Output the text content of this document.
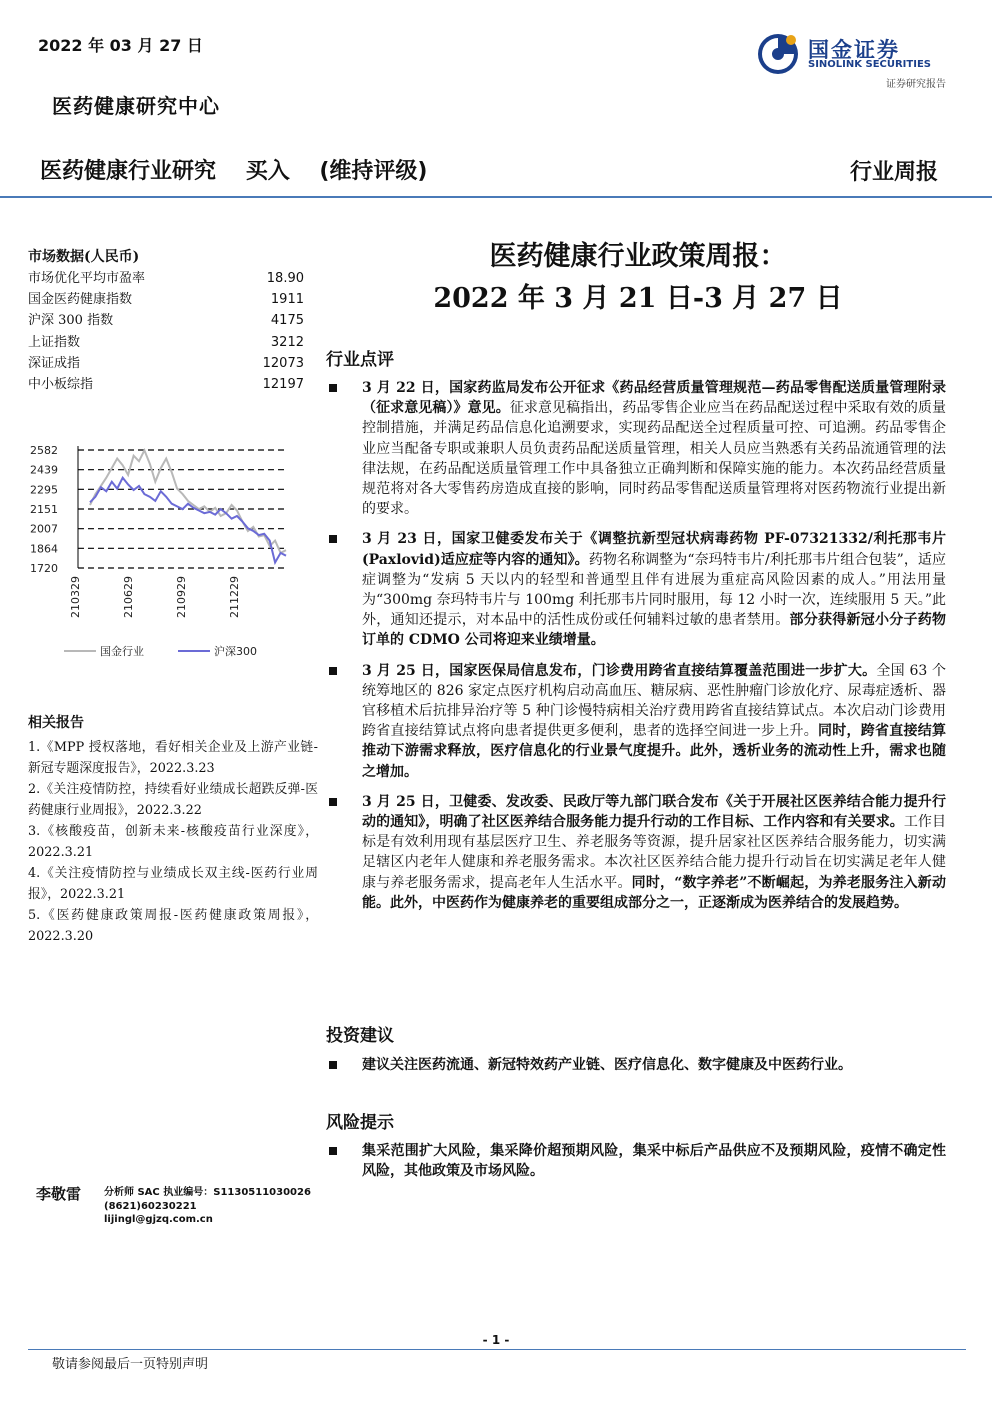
2022 年 03 月 27 日	国金证券
SINOLINK SECURITIES
证券研究报告
医药健康研究中心
医药健康行业研究 买入 (维持评级)	行业周报
市场数据(人民币)
市场优化平均市盈率	18.90
国金医药健康指数	1911
沪深 300 指数	4175
上证指数	3212
深证成指	12073
中小板综指	12197
2582
2439
2295
2151
2007
1864
1720
210329	210629	210929	211229
国金行业	沪深300
相关报告
1.《MPP 授权落地，看好相关企业及上游产业链-新冠专题深度报告》，2022.3.23
2.《关注疫情防控，持续看好业绩成长超跌反弹-医药健康行业周报》，2022.3.22
3.《核酸疫苗，创新未来-核酸疫苗行业深度》，2022.3.21
4.《关注疫情防控与业绩成长双主线-医药行业周报》，2022.3.21
5.《医药健康政策周报-医药健康政策周报》，2022.3.20
李敬雷 分析师 SAC 执业编号：S1130511030026
(8621)60230221
lijingl@gjzq.com.cn
医药健康行业政策周报：
2022 年 3 月 21 日-3 月 27 日
行业点评
3 月 22 日，国家药监局发布公开征求《药品经营质量管理规范—药品零售配送质量管理附录（征求意见稿）》意见。征求意见稿指出，药品零售企业应当在药品配送过程中采取有效的质量控制措施，并满足药品信息化追溯要求，实现药品配送全过程质量可控、可追溯。药品零售企业应当配备专职或兼职人员负责药品配送质量管理，相关人员应当熟悉有关药品流通管理的法律法规，在药品配送质量管理工作中具备独立正确判断和保障实施的能力。本次药品经营质量规范将对各大零售药房造成直接的影响，同时药品零售配送质量管理将对医药物流行业提出新的要求。
3 月 23 日，国家卫健委发布关于《调整抗新型冠状病毒药物 PF-07321332/利托那韦片(Paxlovid)适应症等内容的通知》。药物名称调整为“奈玛特韦片/利托那韦片组合包装”，适应症调整为“发病 5 天以内的轻型和普通型且伴有进展为重症高风险因素的成人。”用法用量为“300mg 奈玛特韦片与 100mg 利托那韦片同时服用，每 12 小时一次，连续服用 5 天。”此外，通知还提示，对本品中的活性成份或任何辅料过敏的患者禁用。部分获得新冠小分子药物订单的 CDMO 公司将迎来业绩增量。
3 月 25 日，国家医保局信息发布，门诊费用跨省直接结算覆盖范围进一步扩大。全国 63 个统筹地区的 826 家定点医疗机构启动高血压、糖尿病、恶性肿瘤门诊放化疗、尿毒症透析、器官移植术后抗排异治疗等 5 种门诊慢特病相关治疗费用跨省直接结算试点。本次启动门诊费用跨省直接结算试点将向患者提供更多便利，患者的选择空间进一步上升。同时，跨省直接结算推动下游需求释放，医疗信息化的行业景气度提升。此外，透析业务的流动性上升，需求也随之增加。
3 月 25 日，卫健委、发改委、民政厅等九部门联合发布《关于开展社区医养结合能力提升行动的通知》，明确了社区医养结合服务能力提升行动的工作目标、工作内容和有关要求。工作目标是有效利用现有基层医疗卫生、养老服务等资源，提升居家社区医养结合服务能力，切实满足辖区内老年人健康和养老服务需求。本次社区医养结合能力提升行动旨在切实满足老年人健康与养老服务需求，提高老年人生活水平。同时，“数字养老”不断崛起，为养老服务注入新动能。此外，中医药作为健康养老的重要组成部分之一，正逐渐成为医养结合的发展趋势。
投资建议
建议关注医药流通、新冠特效药产业链、医疗信息化、数字健康及中医药行业。
风险提示
集采范围扩大风险，集采降价超预期风险，集采中标后产品供应不及预期风险，疫情不确定性风险，其他政策及市场风险。
- 1 -
敬请参阅最后一页特别声明
